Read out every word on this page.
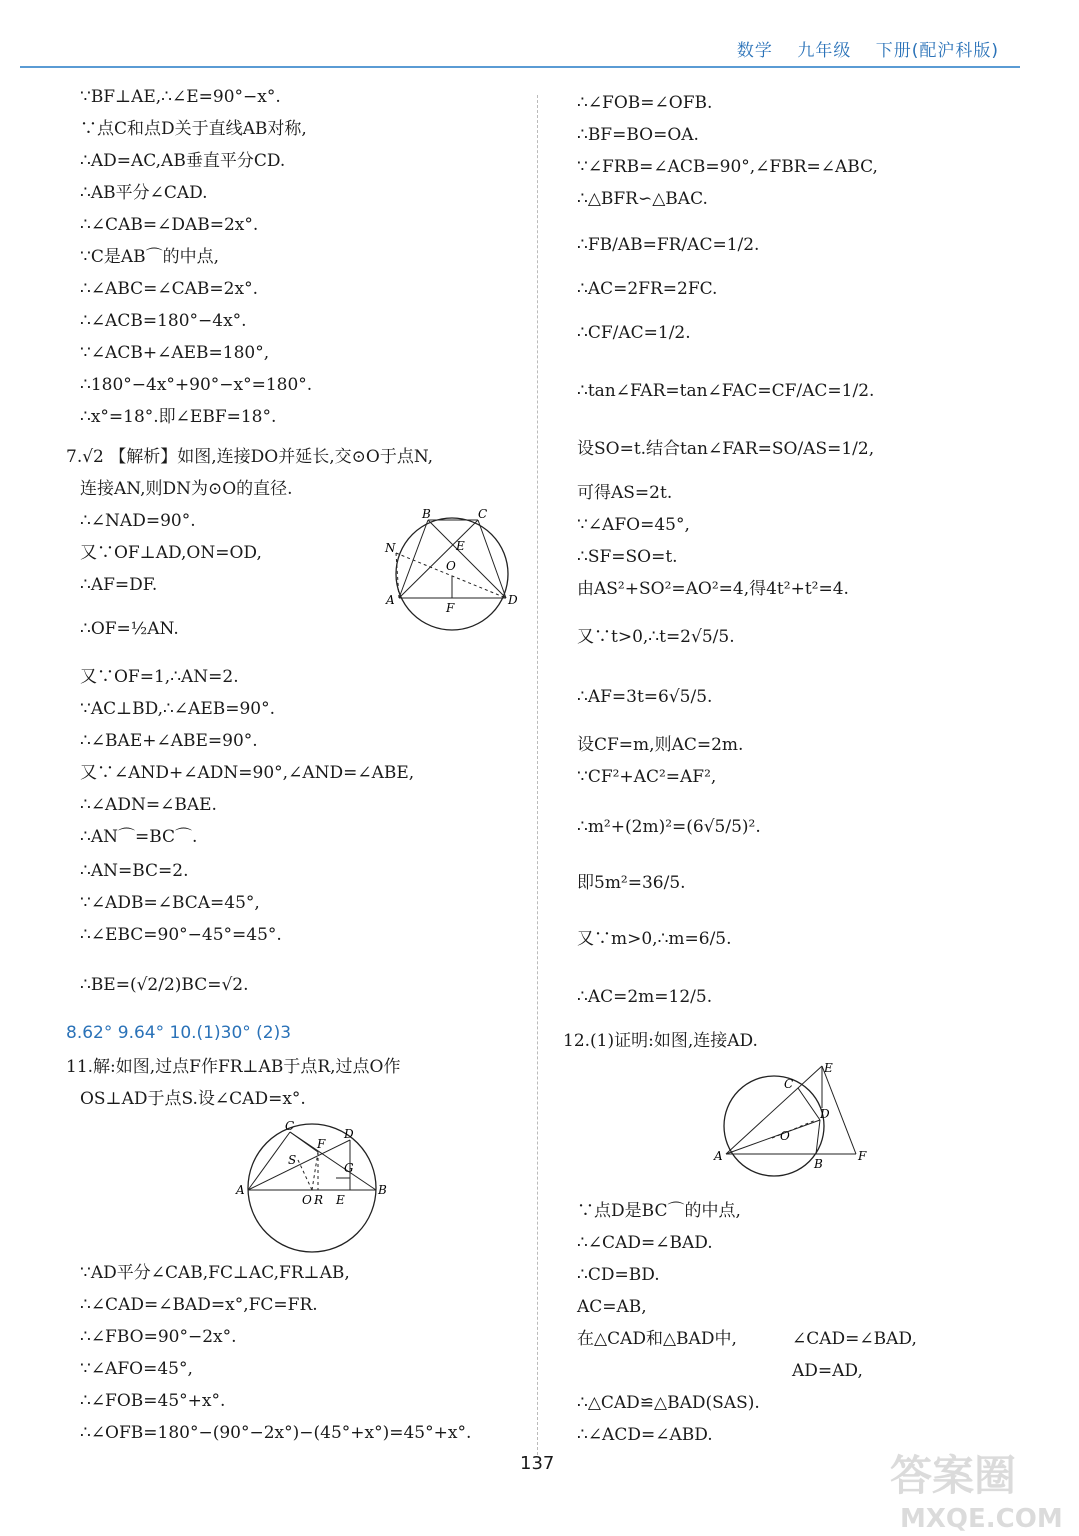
数学 九年级 下册(配沪科版)
∵BF⊥AE,∴∠E=90°−x°.
∵点C和点D关于直线AB对称,
∴AD=AC,AB垂直平分CD.
∴AB平分∠CAD.
∴∠CAB=∠DAB=2x°.
∵C是AB⌒的中点,
∴∠ABC=∠CAB=2x°.
∴∠ACB=180°−4x°.
∵∠ACB+∠AEB=180°,
∴180°−4x°+90°−x°=180°.
∴x°=18°.即∠EBF=18°.
7.√2 【解析】如图,连接DO并延长,交⊙O于点N,
连接AN,则DN为⊙O的直径.
∴∠NAD=90°.
又∵OF⊥AD,ON=OD,
∴AF=DF.
∴OF=½AN.
又∵OF=1,∴AN=2.
∵AC⊥BD,∴∠AEB=90°.
∴∠BAE+∠ABE=90°.
又∵∠AND+∠ADN=90°,∠AND=∠ABE,
∴∠ADN=∠BAE.
∴AN⌒=BC⌒.
∴AN=BC=2.
∵∠ADB=∠BCA=45°,
∴∠EBC=90°−45°=45°.
∴BE=(√2/2)BC=√2.
8.62° 9.64° 10.(1)30° (2)3
11.解:如图,过点F作FR⊥AB于点R,过点O作
OS⊥AD于点S.设∠CAD=x°.
∵AD平分∠CAB,FC⊥AC,FR⊥AB,
∴∠CAD=∠BAD=x°,FC=FR.
∴∠FBO=90°−2x°.
∵∠AFO=45°,
∴∠FOB=45°+x°.
∴∠OFB=180°−(90°−2x°)−(45°+x°)=45°+x°.
∴∠FOB=∠OFB.
∴BF=BO=OA.
∵∠FRB=∠ACB=90°,∠FBR=∠ABC,
∴△BFR∽△BAC.
∴FB/AB=FR/AC=1/2.
∴AC=2FR=2FC.
∴CF/AC=1/2.
∴tan∠FAR=tan∠FAC=CF/AC=1/2.
设SO=t.结合tan∠FAR=SO/AS=1/2,
可得AS=2t.
∵∠AFO=45°,
∴SF=SO=t.
由AS²+SO²=AO²=4,得4t²+t²=4.
又∵t>0,∴t=2√5/5.
∴AF=3t=6√5/5.
设CF=m,则AC=2m.
∵CF²+AC²=AF²,
∴m²+(2m)²=(6√5/5)².
即5m²=36/5.
又∵m>0,∴m=6/5.
∴AC=2m=12/5.
12.(1)证明:如图,连接AD.
∵点D是BC⌒的中点,
∴∠CAD=∠BAD.
∴CD=BD.
AC=AB,
在△CAD和△BAD中,	∠CAD=∠BAD,
AD=AD,
∴△CAD≌△BAD(SAS).
∴∠ACD=∠ABD.
B	C
N	E
O
A
F
D
C
F
D
S
G
A
O R E
B
E
C
D
O
A
B
F
137	答案圈
MXQE.COM
